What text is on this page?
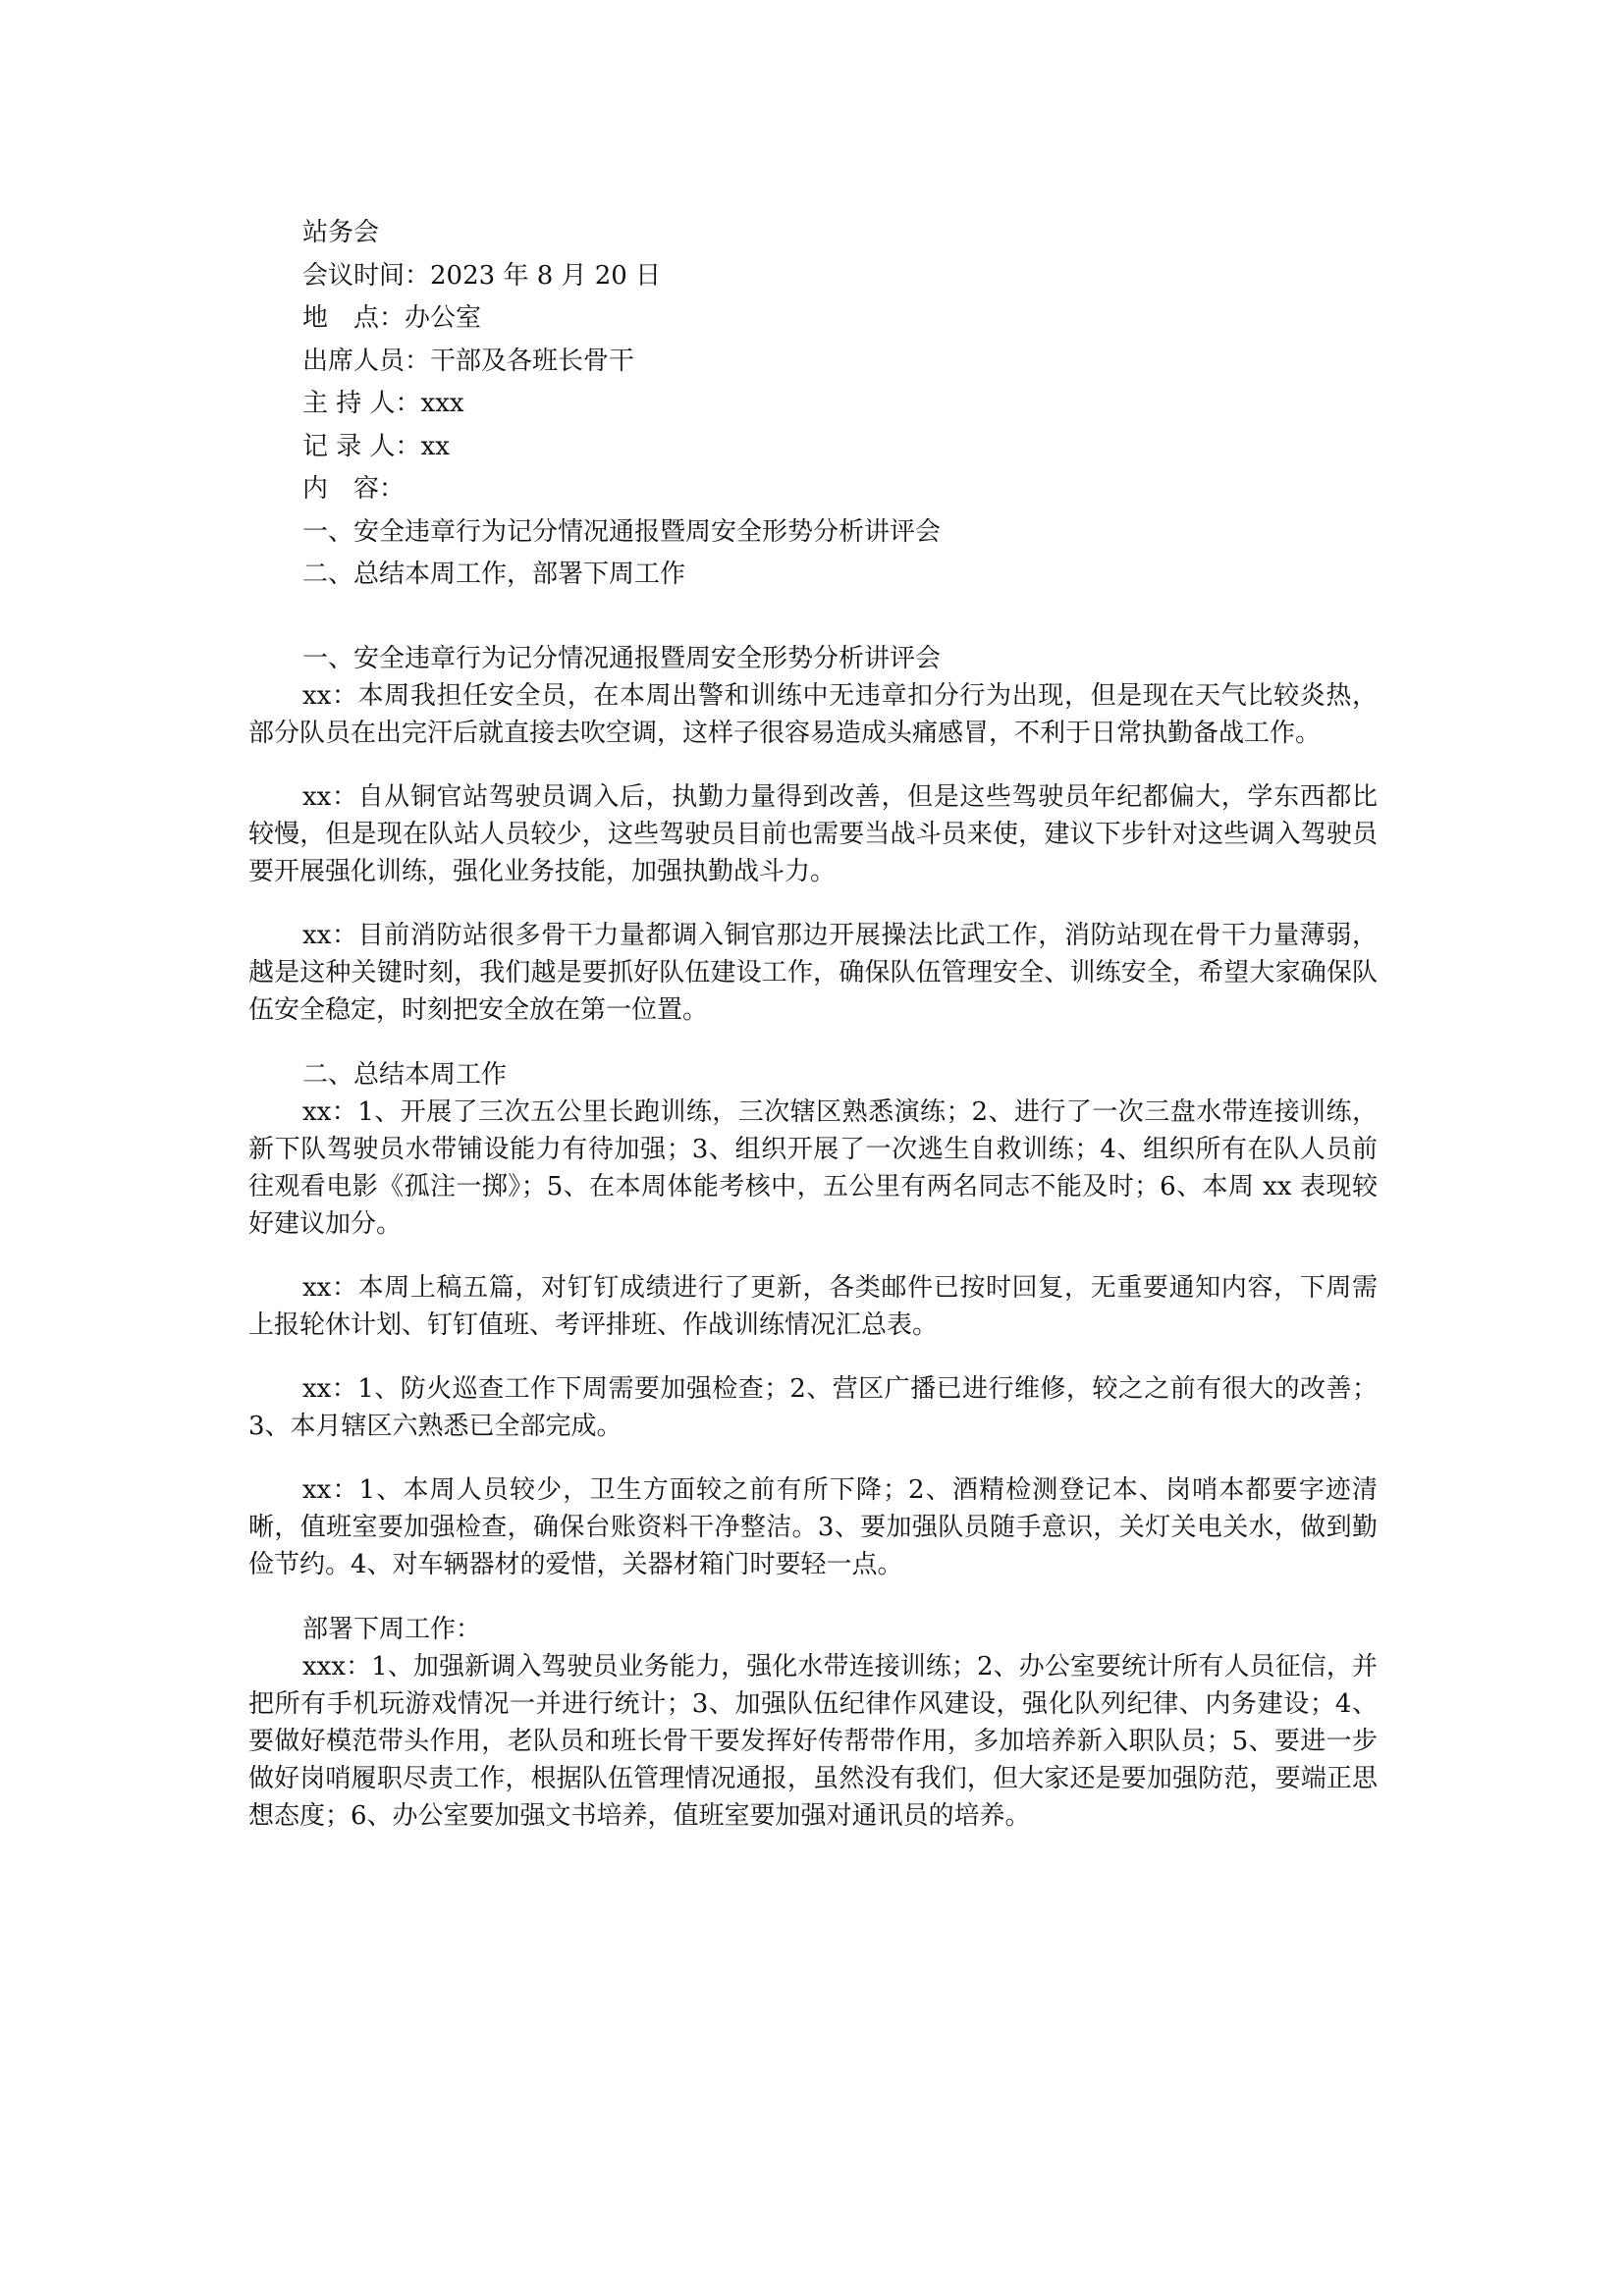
站务会
会议时间：2023 年 8 月 20 日
地　点：办公室
出席人员：干部及各班长骨干
主 持 人：xxx
记 录 人：xx
内　容：
一、安全违章行为记分情况通报暨周安全形势分析讲评会
二、总结本周工作，部署下周工作
一、安全违章行为记分情况通报暨周安全形势分析讲评会

xx：本周我担任安全员，在本周出警和训练中无违章扣分行为出现，但是现在天气比较炎热，部分队员在出完汗后就直接去吹空调，这样子很容易造成头痛感冒，不利于日常执勤备战工作。

xx：自从铜官站驾驶员调入后，执勤力量得到改善，但是这些驾驶员年纪都偏大，学东西都比较慢，但是现在队站人员较少，这些驾驶员目前也需要当战斗员来使，建议下步针对这些调入驾驶员要开展强化训练，强化业务技能，加强执勤战斗力。

xx：目前消防站很多骨干力量都调入铜官那边开展操法比武工作，消防站现在骨干力量薄弱，越是这种关键时刻，我们越是要抓好队伍建设工作，确保队伍管理安全、训练安全，希望大家确保队伍安全稳定，时刻把安全放在第一位置。

二、总结本周工作

xx：1、开展了三次五公里长跑训练，三次辖区熟悉演练；2、进行了一次三盘水带连接训练，新下队驾驶员水带铺设能力有待加强；3、组织开展了一次逃生自救训练；4、组织所有在队人员前往观看电影《孤注一掷》；5、在本周体能考核中，五公里有两名同志不能及时；6、本周 xx 表现较好建议加分。

xx：本周上稿五篇，对钉钉成绩进行了更新，各类邮件已按时回复，无重要通知内容，下周需上报轮休计划、钉钉值班、考评排班、作战训练情况汇总表。

xx：1、防火巡查工作下周需要加强检查；2、营区广播已进行维修，较之之前有很大的改善；3、本月辖区六熟悉已全部完成。

xx：1、本周人员较少，卫生方面较之前有所下降；2、酒精检测登记本、岗哨本都要字迹清晰，值班室要加强检查，确保台账资料干净整洁。3、要加强队员随手意识，关灯关电关水，做到勤俭节约。4、对车辆器材的爱惜，关器材箱门时要轻一点。

部署下周工作：

xxx：1、加强新调入驾驶员业务能力，强化水带连接训练；2、办公室要统计所有人员征信，并把所有手机玩游戏情况一并进行统计；3、加强队伍纪律作风建设，强化队列纪律、内务建设；4、要做好模范带头作用，老队员和班长骨干要发挥好传帮带作用，多加培养新入职队员；5、要进一步做好岗哨履职尽责工作，根据队伍管理情况通报，虽然没有我们，但大家还是要加强防范，要端正思想态度；6、办公室要加强文书培养，值班室要加强对通讯员的培养。
